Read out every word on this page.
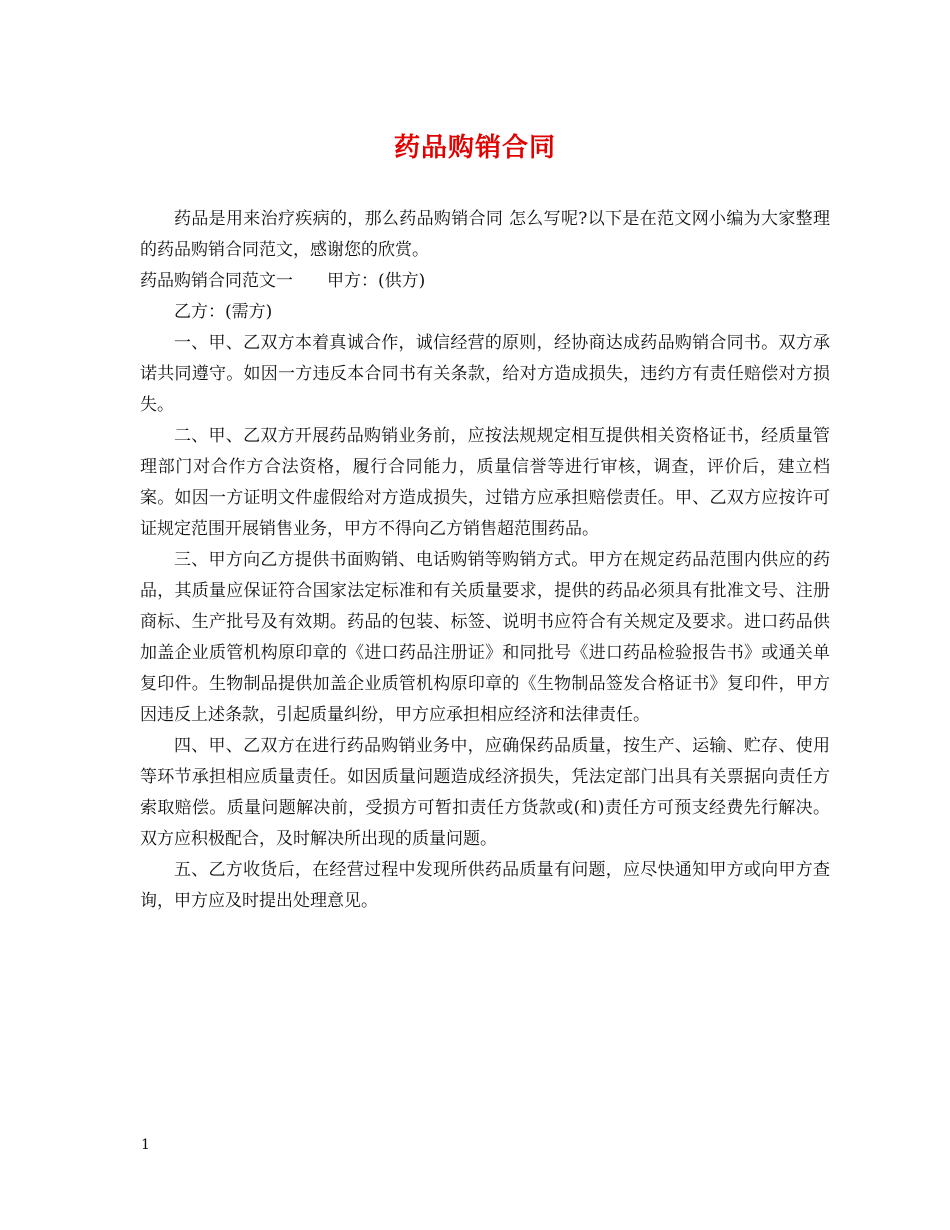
药品购销合同

药品是用来治疗疾病的，那么药品购销合同 怎么写呢?以下是在范文网小编为大家整理的药品购销合同范文，感谢您的欣赏。

药品购销合同范文一 甲方：(供方)

乙方：(需方)

一、甲、乙双方本着真诚合作，诚信经营的原则，经协商达成药品购销合同书。双方承诺共同遵守。如因一方违反本合同书有关条款，给对方造成损失，违约方有责任赔偿对方损失。

二、甲、乙双方开展药品购销业务前，应按法规规定相互提供相关资格证书，经质量管理部门对合作方合法资格，履行合同能力，质量信誉等进行审核，调查，评价后，建立档案。如因一方证明文件虚假给对方造成损失，过错方应承担赔偿责任。甲、乙双方应按许可证规定范围开展销售业务，甲方不得向乙方销售超范围药品。

三、甲方向乙方提供书面购销、电话购销等购销方式。甲方在规定药品范围内供应的药品，其质量应保证符合国家法定标准和有关质量要求，提供的药品必须具有批准文号、注册商标、生产批号及有效期。药品的包装、标签、说明书应符合有关规定及要求。进口药品供加盖企业质管机构原印章的《进口药品注册证》和同批号《进口药品检验报告书》或通关单复印件。生物制品提供加盖企业质管机构原印章的《生物制品签发合格证书》复印件，甲方因违反上述条款，引起质量纠纷，甲方应承担相应经济和法律责任。

四、甲、乙双方在进行药品购销业务中，应确保药品质量，按生产、运输、贮存、使用等环节承担相应质量责任。如因质量问题造成经济损失，凭法定部门出具有关票据向责任方索取赔偿。质量问题解决前，受损方可暂扣责任方货款或(和)责任方可预支经费先行解决。双方应积极配合，及时解决所出现的质量问题。

五、乙方收货后，在经营过程中发现所供药品质量有问题，应尽快通知甲方或向甲方查询，甲方应及时提出处理意见。

1
